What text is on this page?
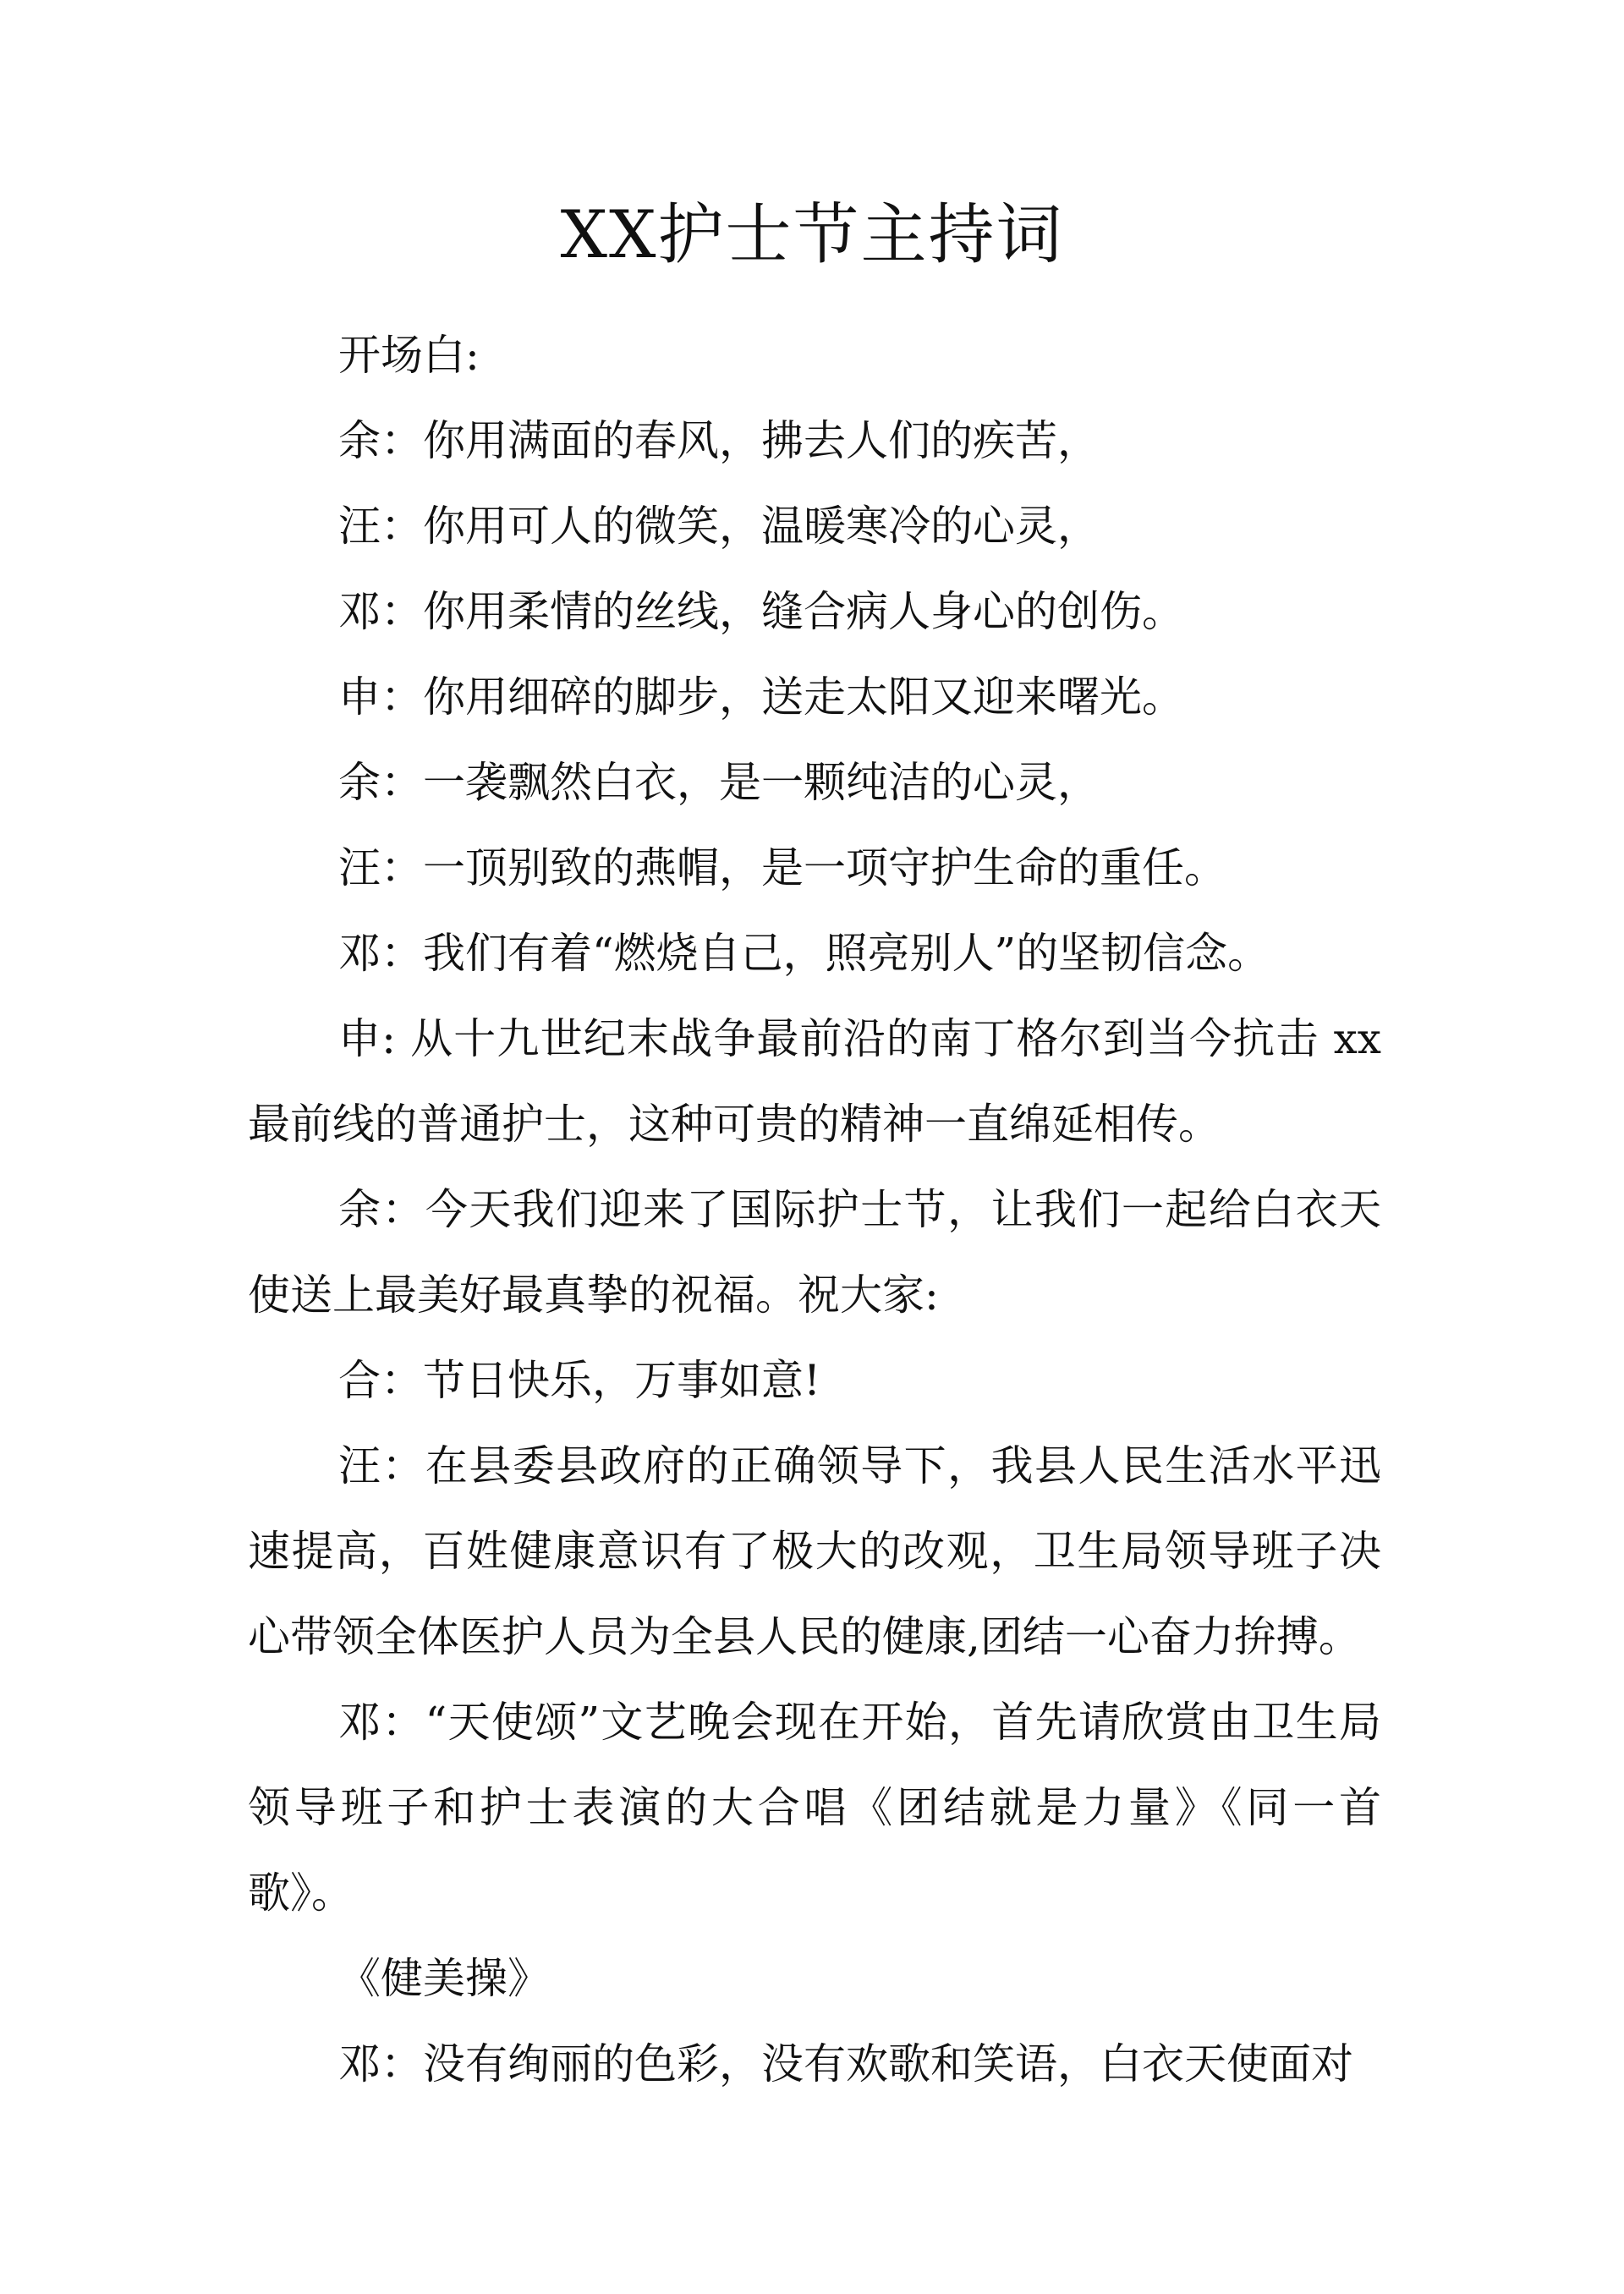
XX护士节主持词

开场白:

余：你用满面的春风，拂去人们的疾苦，

汪：你用可人的微笑，温暖寒冷的心灵，

邓：你用柔情的丝线，缝合病人身心的创伤。

申：你用细碎的脚步，送走太阳又迎来曙光。

余：一袭飘然白衣，是一颗纯洁的心灵，

汪：一顶别致的燕帽，是一项守护生命的重任。

邓：我们有着“燃烧自己，照亮别人”的坚韧信念。

申: 从十九世纪末战争最前沿的南丁格尔到当今抗击 xx 最前线的普通护士，这种可贵的精神一直绵延相传。

余：今天我们迎来了国际护士节，让我们一起给白衣天使送上最美好最真挚的祝福。祝大家:

合：节日快乐，万事如意!

汪：在县委县政府的正确领导下，我县人民生活水平迅速提高，百姓健康意识有了极大的改观，卫生局领导班子决心带领全体医护人员为全县人民的健康,团结一心奋力拚搏。

邓：“天使颂”文艺晚会现在开始，首先请欣赏由卫生局领导班子和护士表演的大合唱《团结就是力量》《同一首歌》。

《健美操》

邓：没有绚丽的色彩，没有欢歌和笑语，白衣天使面对
